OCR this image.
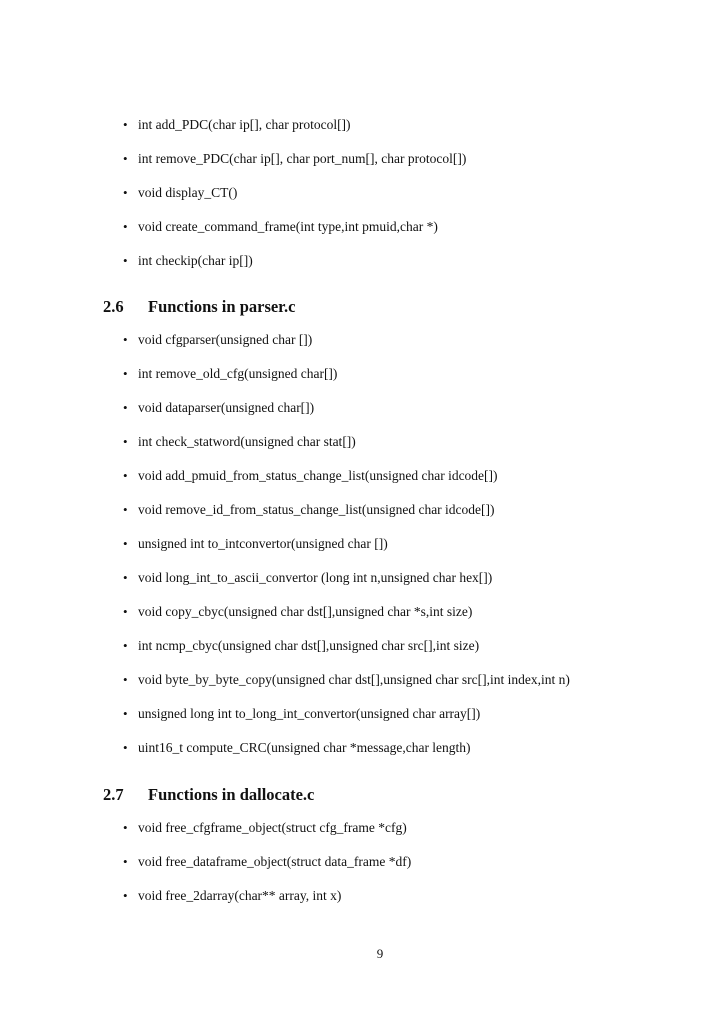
• int add_PDC(char ip[], char protocol[])
• int remove_PDC(char ip[], char port_num[], char protocol[])
• void display_CT()
• void create_command_frame(int type,int pmuid,char *)
• int checkip(char ip[])
2.6 Functions in parser.c
• void cfgparser(unsigned char [])
• int remove_old_cfg(unsigned char[])
• void dataparser(unsigned char[])
• int check_statword(unsigned char stat[])
• void add_pmuid_from_status_change_list(unsigned char idcode[])
• void remove_id_from_status_change_list(unsigned char idcode[])
• unsigned int to_intconvertor(unsigned char [])
• void long_int_to_ascii_convertor (long int n,unsigned char hex[])
• void copy_cbyc(unsigned char dst[],unsigned char *s,int size)
• int ncmp_cbyc(unsigned char dst[],unsigned char src[],int size)
• void byte_by_byte_copy(unsigned char dst[],unsigned char src[],int index,int n)
• unsigned long int to_long_int_convertor(unsigned char array[])
• uint16_t compute_CRC(unsigned char *message,char length)
2.7 Functions in dallocate.c
• void free_cfgframe_object(struct cfg_frame *cfg)
• void free_dataframe_object(struct data_frame *df)
• void free_2darray(char** array, int x)
9
